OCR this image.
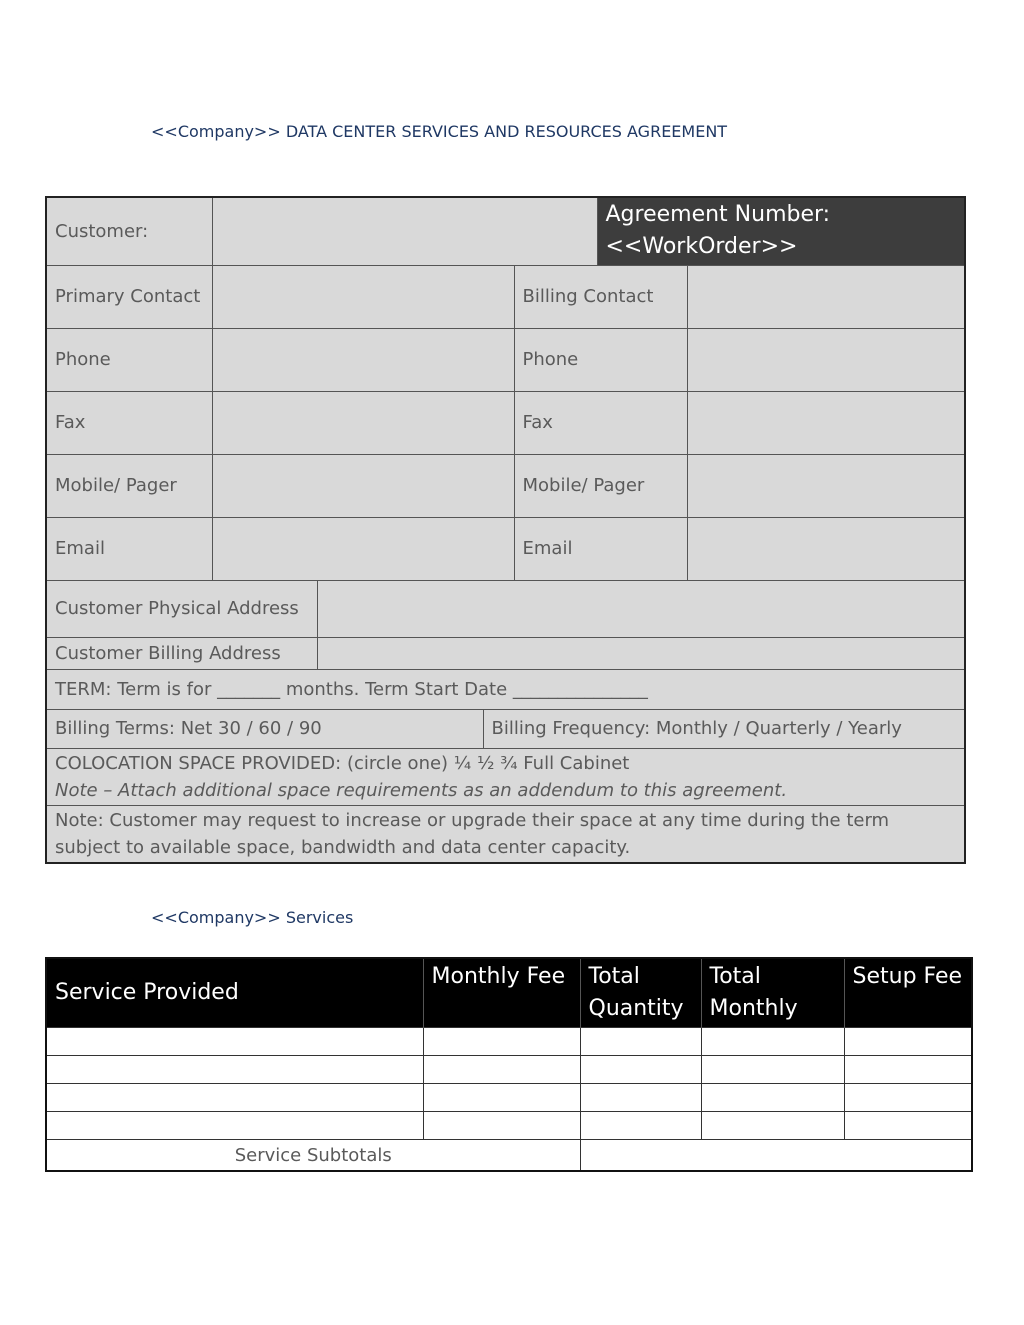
<<Company>> DATA CENTER SERVICES AND RESOURCES AGREEMENT
Customer:					Agreement Number:
<<WorkOrder>>	
Primary Contact				Billing Contact		
Phone				Phone		
Fax				Fax		
Mobile/ Pager				Mobile/ Pager		
Email				Email		
Customer Physical Address						
Customer Billing Address						
TERM: Term is for _______ months. Term Start Date _______________						
Billing Terms: Net 30 / 60 / 90			Billing Frequency: Monthly / Quarterly / Yearly			
COLOCATION SPACE PROVIDED: (circle one) ¼ ½ ¾ Full Cabinet
Note – Attach additional space requirements as an addendum to this agreement.						
Note: Customer may request to increase or upgrade their space at any time during the term subject to available space, bandwidth and data center capacity.						
<<Company>> Services
Service Provided	Monthly Fee	Total Quantity	Total Monthly	Setup Fee

Service Subtotals				
